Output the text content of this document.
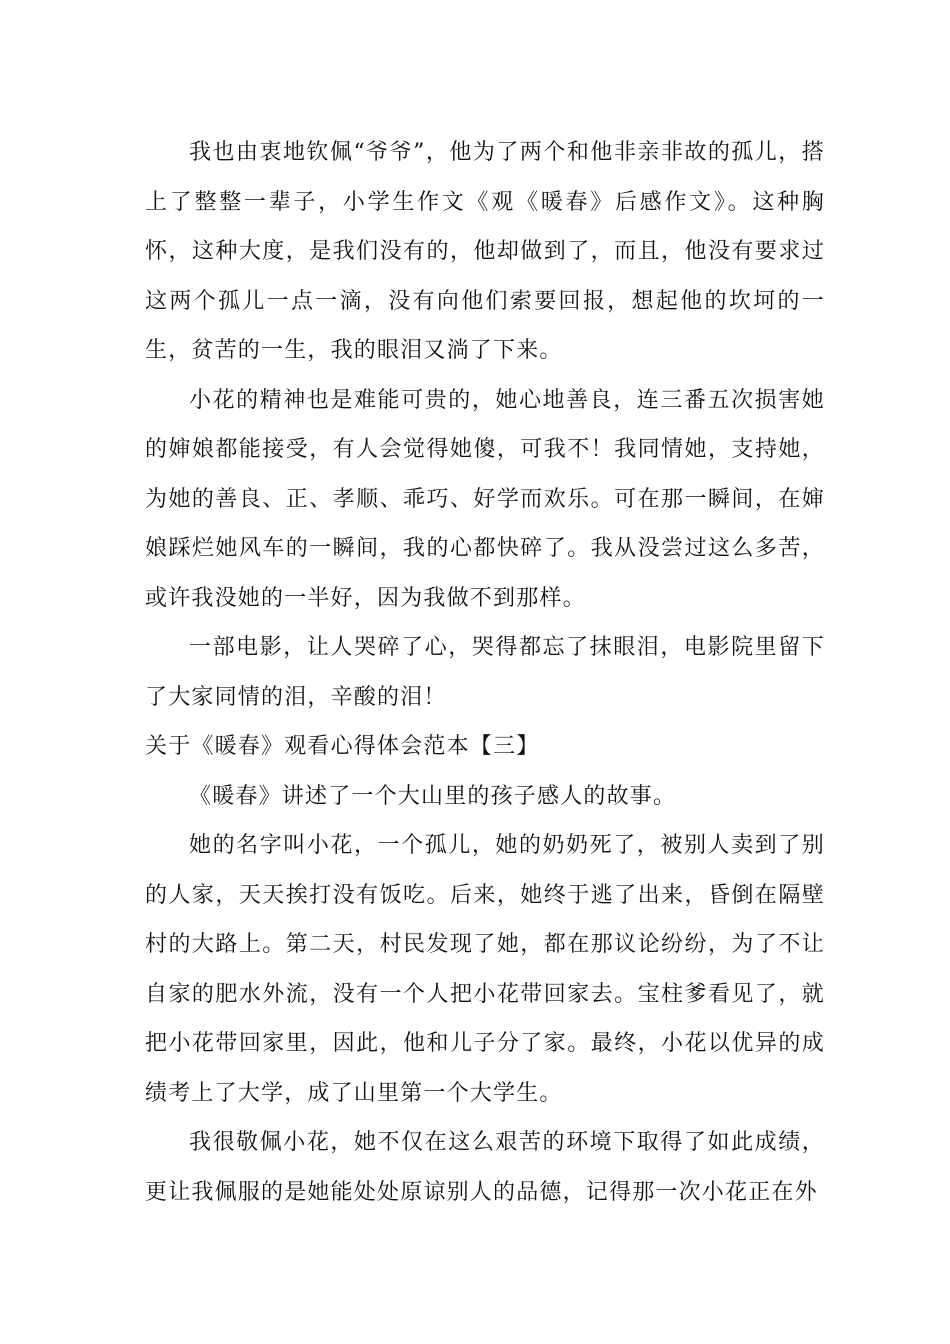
我也由衷地钦佩“爷爷”，他为了两个和他非亲非故的孤儿，搭上了整整一辈子，小学生作文《观《暖春》后感作文》。这种胸怀，这种大度，是我们没有的，他却做到了，而且，他没有要求过这两个孤儿一点一滴，没有向他们索要回报，想起他的坎坷的一生，贫苦的一生，我的眼泪又淌了下来。

小花的精神也是难能可贵的，她心地善良，连三番五次损害她的婶娘都能接受，有人会觉得她傻，可我不！我同情她，支持她，为她的善良、正、孝顺、乖巧、好学而欢乐。可在那一瞬间，在婶娘踩烂她风车的一瞬间，我的心都快碎了。我从没尝过这么多苦，或许我没她的一半好，因为我做不到那样。

一部电影，让人哭碎了心，哭得都忘了抹眼泪，电影院里留下了大家同情的泪，辛酸的泪！

关于《暖春》观看心得体会范本【三】

《暖春》讲述了一个大山里的孩子感人的故事。

她的名字叫小花，一个孤儿，她的奶奶死了，被别人卖到了别的人家，天天挨打没有饭吃。后来，她终于逃了出来，昏倒在隔壁村的大路上。第二天，村民发现了她，都在那议论纷纷，为了不让自家的肥水外流，没有一个人把小花带回家去。宝柱爹看见了，就把小花带回家里，因此，他和儿子分了家。最终，小花以优异的成绩考上了大学，成了山里第一个大学生。

我很敬佩小花，她不仅在这么艰苦的环境下取得了如此成绩，更让我佩服的是她能处处原谅别人的品德，记得那一次小花正在外
